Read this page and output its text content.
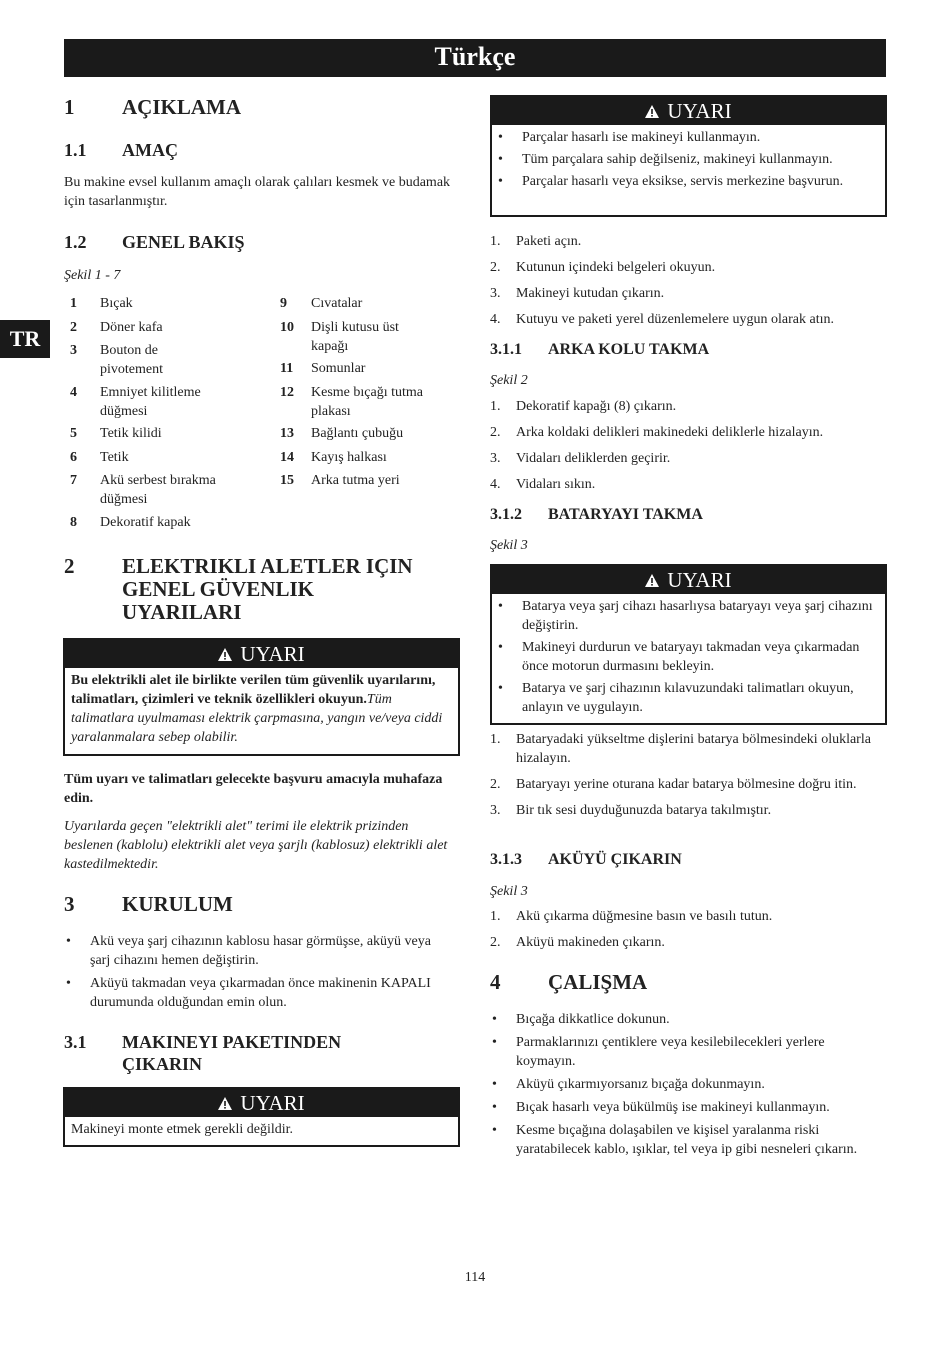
Türkçe
TR
1 AÇIKLAMA
1.1 AMAÇ
Bu makine evsel kullanım amaçlı olarak çalıları kesmek ve budamak için tasarlanmıştır.
1.2 GENEL BAKIŞ
Şekil 1 - 7
1 Bıçak
2 Döner kafa
3 Bouton de pivotement
4 Emniyet kilitleme düğmesi
5 Tetik kilidi
6 Tetik
7 Akü serbest bırakma düğmesi
8 Dekoratif kapak
9 Cıvatalar
10 Dişli kutusu üst kapağı
11 Somunlar
12 Kesme bıçağı tutma plakası
13 Bağlantı çubuğu
14 Kayış halkası
15 Arka tutma yeri
2 ELEKTRIKLI ALETLER IÇIN
GENEL GÜVENLIK
UYARILARI
UYARI
Bu elektrikli alet ile birlikte verilen tüm güvenlik uyarılarını, talimatları, çizimleri ve teknik özellikleri okuyun.Tüm talimatlara uyulmaması elektrik çarpmasına, yangın ve/veya ciddi yaralanmalara sebep olabilir.
Tüm uyarı ve talimatları gelecekte başvuru amacıyla muhafaza edin.
Uyarılarda geçen "elektrikli alet" terimi ile elektrik prizinden beslenen (kablolu) elektrikli alet veya şarjlı (kablosuz) elektrikli alet kastedilmektedir.
3 KURULUM
• Akü veya şarj cihazının kablosu hasar görmüşse, aküyü veya şarj cihazını hemen değiştirin.
• Aküyü takmadan veya çıkarmadan önce makinenin KAPALI durumunda olduğundan emin olun.
3.1 MAKINEYI PAKETINDEN
ÇIKARIN
UYARI
Makineyi monte etmek gerekli değildir.
UYARI
• Parçalar hasarlı ise makineyi kullanmayın.
• Tüm parçalara sahip değilseniz, makineyi kullanmayın.
• Parçalar hasarlı veya eksikse, servis merkezine başvurun.
1. Paketi açın.
2. Kutunun içindeki belgeleri okuyun.
3. Makineyi kutudan çıkarın.
4. Kutuyu ve paketi yerel düzenlemelere uygun olarak atın.
3.1.1 ARKA KOLU TAKMA
Şekil 2
1. Dekoratif kapağı (8) çıkarın.
2. Arka koldaki delikleri makinedeki deliklerle hizalayın.
3. Vidaları deliklerden geçirir.
4. Vidaları sıkın.
3.1.2 BATARYAYI TAKMA
Şekil 3
UYARI
• Batarya veya şarj cihazı hasarlıysa bataryayı veya şarj cihazını değiştirin.
• Makineyi durdurun ve bataryayı takmadan veya çıkarmadan önce motorun durmasını bekleyin.
• Batarya ve şarj cihazının kılavuzundaki talimatları okuyun, anlayın ve uygulayın.
1. Bataryadaki yükseltme dişlerini batarya bölmesindeki oluklarla hizalayın.
2. Bataryayı yerine oturana kadar batarya bölmesine doğru itin.
3. Bir tık sesi duyduğunuzda batarya takılmıştır.
3.1.3 AKÜYÜ ÇIKARIN
Şekil 3
1. Akü çıkarma düğmesine basın ve basılı tutun.
2. Aküyü makineden çıkarın.
4 ÇALIŞMA
• Bıçağa dikkatlice dokunun.
• Parmaklarınızı çentiklere veya kesilebilecekleri yerlere koymayın.
• Aküyü çıkarmıyorsanız bıçağa dokunmayın.
• Bıçak hasarlı veya bükülmüş ise makineyi kullanmayın.
• Kesme bıçağına dolaşabilen ve kişisel yaralanma riski yaratabilecek kablo, ışıklar, tel veya ip gibi nesneleri çıkarın.
114
